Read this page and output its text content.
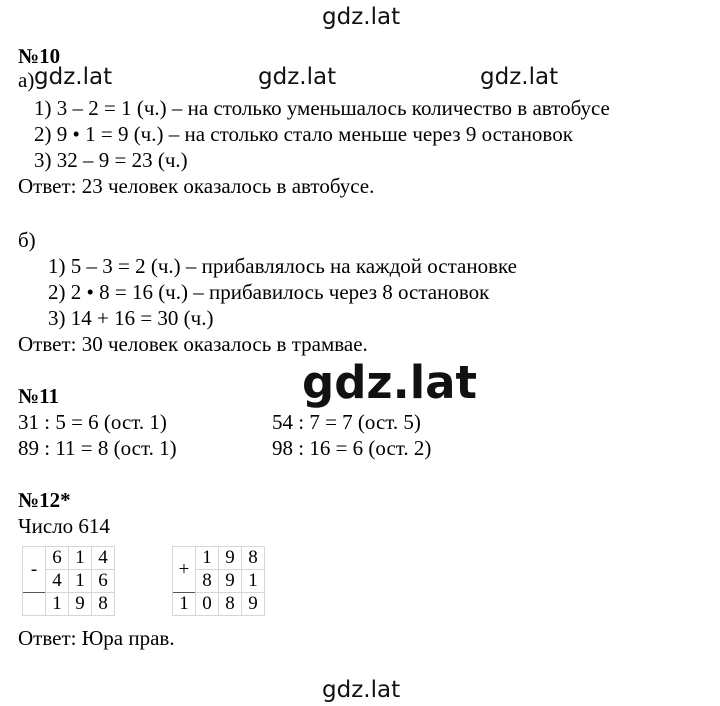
gdz.lat
gdz.lat	gdz.lat	gdz.lat
gdz.lat
gdz.lat
№10
а)
1) 3 – 2 = 1 (ч.) – на столько уменьшалось количество в автобусе
2) 9 • 1 = 9 (ч.) – на столько стало меньше через 9 остановок
3) 32 – 9 = 23 (ч.)
Ответ: 23 человек оказалось в автобусе.
б)
1) 5 – 3 = 2 (ч.) – прибавлялось на каждой остановке
2) 2 • 8 = 16 (ч.) – прибавилось через 8 остановок
3) 14 + 16 = 30 (ч.)
Ответ: 30 человек оказалось в трамвае.
№11
31 : 5 = 6 (ост. 1)	54 : 7 = 7 (ост. 5)
89 : 11 = 8 (ост. 1)	98 : 16 = 6 (ост. 2)
№12*
Число 614
-	6	1	4
	4	1	6
	1	9	8
+	1	9	8
	8	9	1
1	0	8	9
Ответ: Юра прав.
